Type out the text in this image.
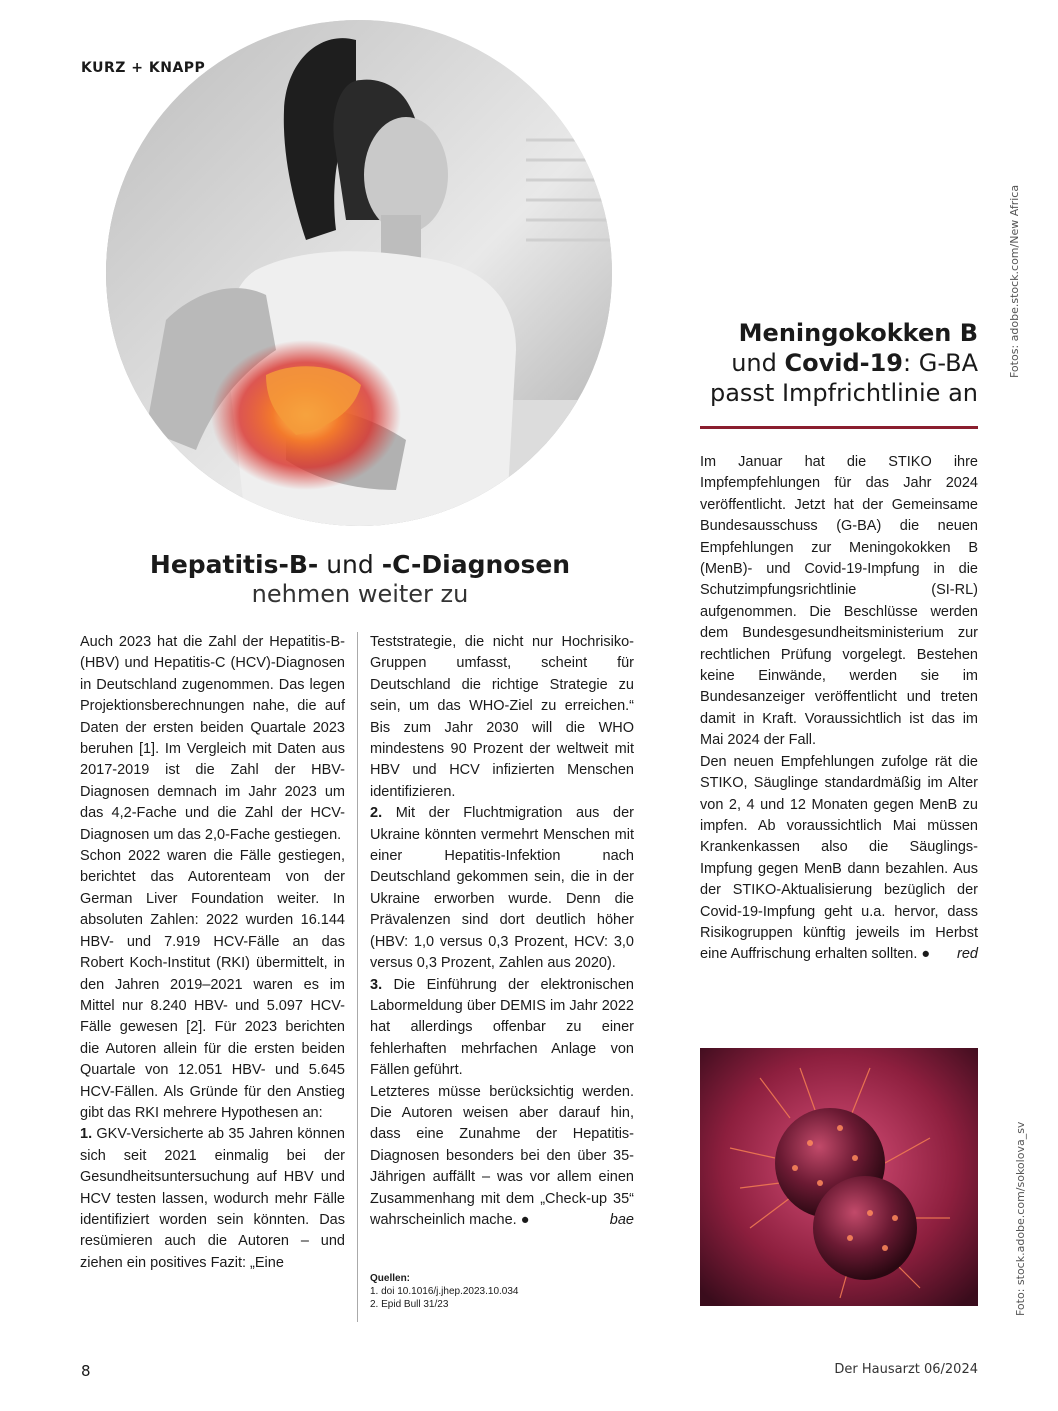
KURZ + KNAPP
Fotos: adobe.stock.com/New Africa
Hepatitis-B- und -C-Diagnosen
nehmen weiter zu

Auch 2023 hat die Zahl der Hepatitis-B- (HBV) und Hepatitis-C (HCV)-Diagnosen in Deutschland zugenommen. Das legen Projektionsberechnungen nahe, die auf Daten der ersten beiden Quartale 2023 beruhen [1]. Im Vergleich mit Daten aus 2017-2019 ist die Zahl der HBV-Diagnosen demnach im Jahr 2023 um das 4,2-Fache und die Zahl der HCV-Diagnosen um das 2,0-Fache gestiegen.

Schon 2022 waren die Fälle gestiegen, berichtet das Autorenteam von der German Liver Foundation weiter. In absoluten Zahlen: 2022 wurden 16.144 HBV- und 7.919 HCV-Fälle an das Robert Koch-Institut (RKI) übermittelt, in den Jahren 2019–2021 waren es im Mittel nur 8.240 HBV- und 5.097 HCV-Fälle gewesen [2]. Für 2023 berichten die Autoren allein für die ersten beiden Quartale von 12.051 HBV- und 5.645 HCV-Fällen. Als Gründe für den Anstieg gibt das RKI mehrere Hypothesen an:

1. GKV-Versicherte ab 35 Jahren können sich seit 2021 einmalig bei der Gesundheitsuntersuchung auf HBV und HCV testen lassen, wodurch mehr Fälle identifiziert worden sein könnten. Das resümieren auch die Autoren – und ziehen ein positives Fazit: „Eine

Teststrategie, die nicht nur Hochrisiko-Gruppen umfasst, scheint für Deutschland die richtige Strategie zu sein, um das WHO-Ziel zu erreichen.“ Bis zum Jahr 2030 will die WHO mindestens 90 Prozent der weltweit mit HBV und HCV infizierten Menschen identifizieren.

2. Mit der Fluchtmigration aus der Ukraine könnten vermehrt Menschen mit einer Hepatitis-Infektion nach Deutschland gekommen sein, die in der Ukraine erworben wurde. Denn die Prävalenzen sind dort deutlich höher (HBV: 1,0 versus 0,3 Prozent, HCV: 3,0 versus 0,3 Prozent, Zahlen aus 2020).

3. Die Einführung der elektronischen Labormeldung über DEMIS im Jahr 2022 hat allerdings offenbar zu einer fehlerhaften mehrfachen Anlage von Fällen geführt.

Letzteres müsse berücksichtig werden. Die Autoren weisen aber darauf hin, dass eine Zunahme der Hepatitis-Diagnosen besonders bei den über 35-Jährigen auffällt – was vor allem einen Zusammenhang mit dem „Check-up 35“ wahrscheinlich mache. ●	bae

Quellen:
1. doi 10.1016/j.jhep.2023.10.034
2. Epid Bull 31/23
Meningokokken B
und Covid-19: G-BA
passt Impfrichtlinie an

Im Januar hat die STIKO ihre Impfempfehlungen für das Jahr 2024 veröffentlicht. Jetzt hat der Gemeinsame Bundesausschuss (G-BA) die neuen Empfehlungen zur Meningokokken B (MenB)- und Covid-19-Impfung in die Schutzimpfungsrichtlinie (SI-RL) aufgenommen. Die Beschlüsse werden dem Bundesgesundheitsministerium zur rechtlichen Prüfung vorgelegt. Bestehen keine Einwände, werden sie im Bundesanzeiger veröffentlicht und treten damit in Kraft. Voraussichtlich ist das im Mai 2024 der Fall.

Den neuen Empfehlungen zufolge rät die STIKO, Säuglinge standardmäßig im Alter von 2, 4 und 12 Monaten gegen MenB zu impfen. Ab voraussichtlich Mai müssen Krankenkassen also die Säuglings-Impfung gegen MenB dann bezahlen. Aus der STIKO-Aktualisierung bezüglich der Covid-19-Impfung geht u.a. hervor, dass Risikogruppen künftig jeweils im Herbst eine Auffrischung erhalten sollten. ● red

Foto: stock.adobe.com/sokolova_sv
8	Der Hausarzt 06/2024
